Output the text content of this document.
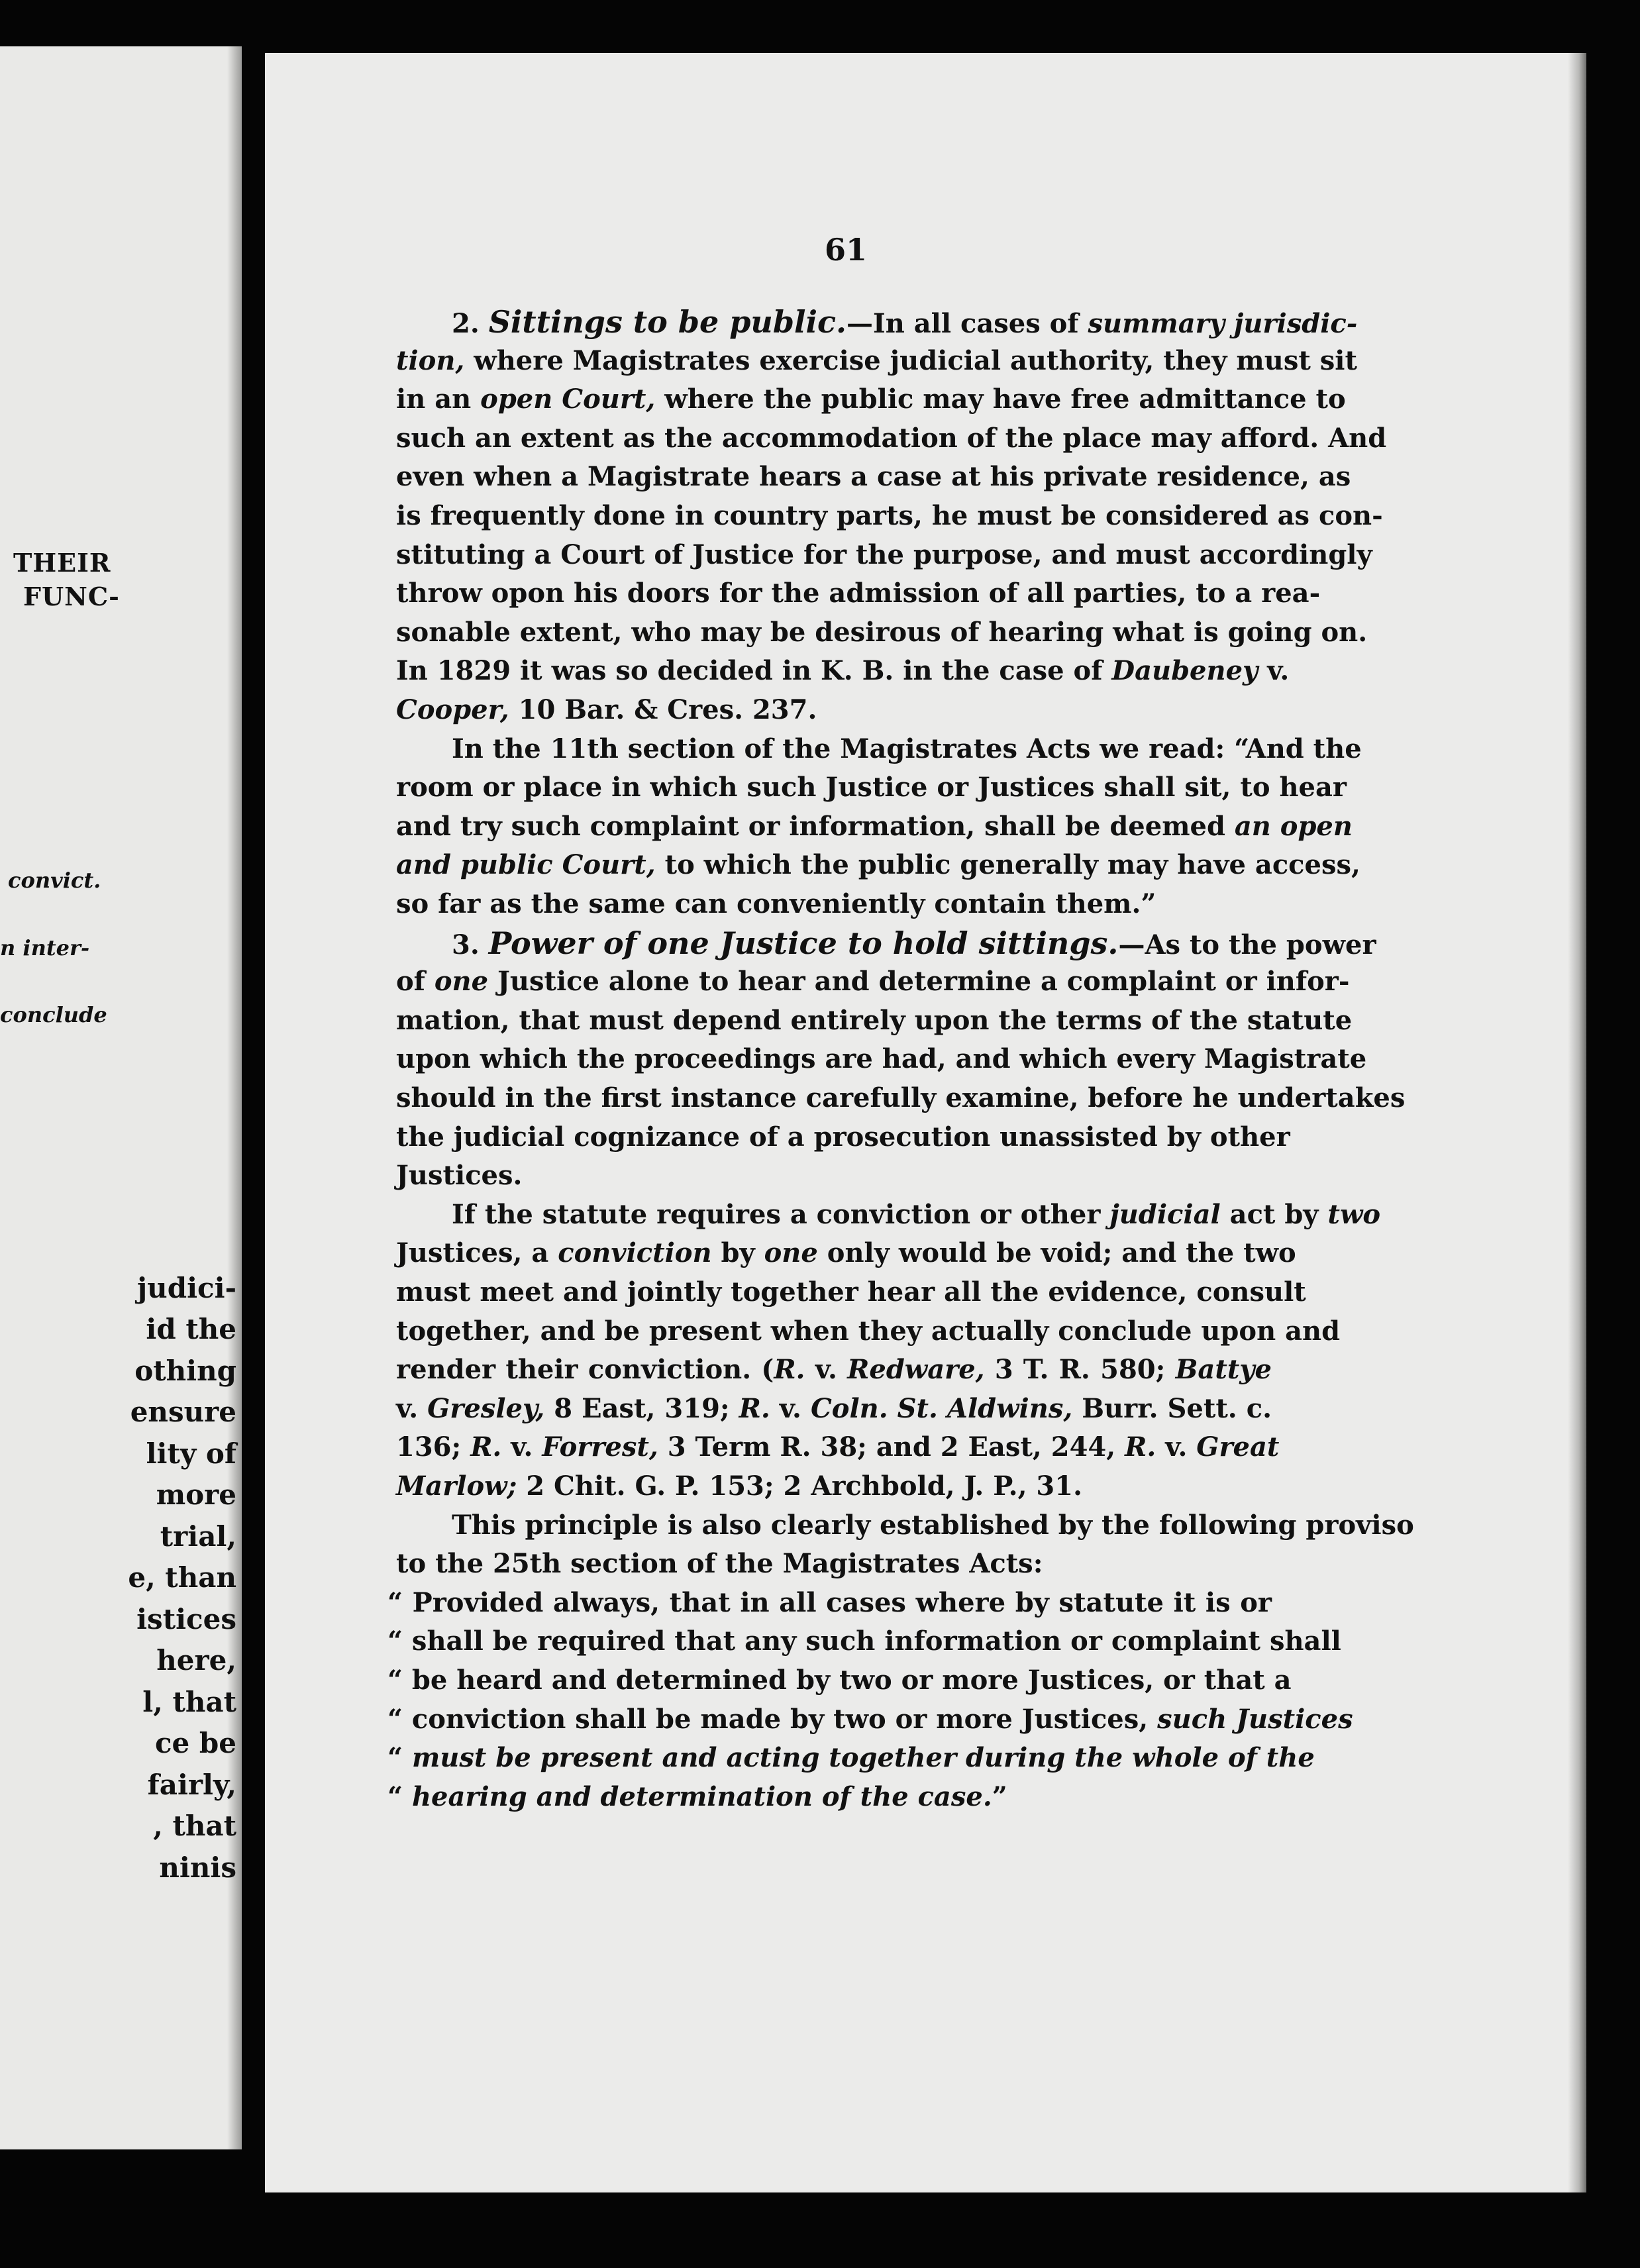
THEIR
FUNC-
convict.
n inter-
conclude
judici-
id the
othing
ensure
lity of
more
trial,
e, than
istices
here,
l, that
ce be
fairly,
, that
ninis
61
2. Sittings to be public.—In all cases of summary jurisdic-
tion, where Magistrates exercise judicial authority, they must sit
in an open Court, where the public may have free admittance to
such an extent as the accommodation of the place may afford. And
even when a Magistrate hears a case at his private residence, as
is frequently done in country parts, he must be considered as con-
stituting a Court of Justice for the purpose, and must accordingly
throw opon his doors for the admission of all parties, to a rea-
sonable extent, who may be desirous of hearing what is going on.
In 1829 it was so decided in K. B. in the case of Daubeney v.
Cooper, 10 Bar. & Cres. 237.
In the 11th section of the Magistrates Acts we read: “And the
room or place in which such Justice or Justices shall sit, to hear
and try such complaint or information, shall be deemed an open
and public Court, to which the public generally may have access,
so far as the same can conveniently contain them.”
3. Power of one Justice to hold sittings.—As to the power
of one Justice alone to hear and determine a complaint or infor-
mation, that must depend entirely upon the terms of the statute
upon which the proceedings are had, and which every Magistrate
should in the first instance carefully examine, before he undertakes
the judicial cognizance of a prosecution unassisted by other
Justices.
If the statute requires a conviction or other judicial act by two
Justices, a conviction by one only would be void; and the two
must meet and jointly together hear all the evidence, consult
together, and be present when they actually conclude upon and
render their conviction. (R. v. Redware, 3 T. R. 580; Battye
v. Gresley, 8 East, 319; R. v. Coln. St. Aldwins, Burr. Sett. c.
136; R. v. Forrest, 3 Term R. 38; and 2 East, 244, R. v. Great
Marlow; 2 Chit. G. P. 153; 2 Archbold, J. P., 31.
This principle is also clearly established by the following proviso
to the 25th section of the Magistrates Acts:
“ Provided always, that in all cases where by statute it is or
“ shall be required that any such information or complaint shall
“ be heard and determined by two or more Justices, or that a
“ conviction shall be made by two or more Justices, such Justices
“ must be present and acting together during the whole of the
“ hearing and determination of the case.”
